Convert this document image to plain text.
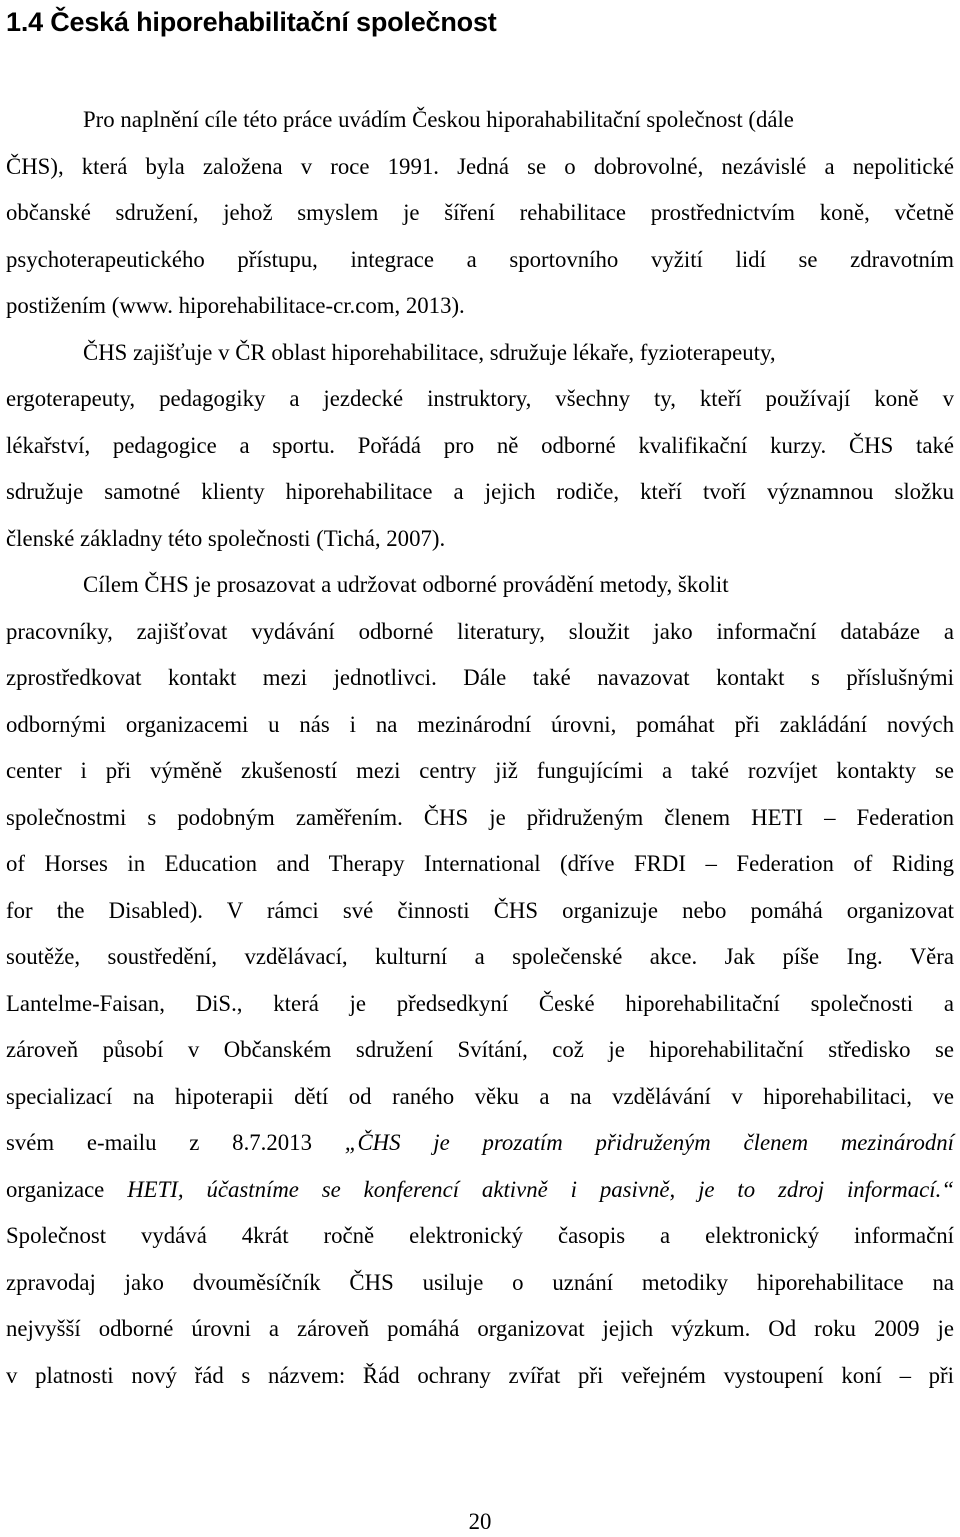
1.4 Česká hiporehabilitační společnost
Pro naplnění cíle této práce uvádím Českou hiporahabilitační společnost (dále
ČHS), která byla založena v roce 1991. Jedná se o dobrovolné, nezávislé a nepolitické
občanské sdružení, jehož smyslem je šíření rehabilitace prostřednictvím koně, včetně
psychoterapeutického přístupu, integrace a sportovního vyžití lidí se zdravotním
postižením (www. hiporehabilitace-cr.com, 2013).
ČHS zajišťuje v ČR oblast hiporehabilitace, sdružuje lékaře, fyzioterapeuty,
ergoterapeuty, pedagogiky a jezdecké instruktory, všechny ty, kteří používají koně v
lékařství, pedagogice a sportu. Pořádá pro ně odborné kvalifikační kurzy. ČHS také
sdružuje samotné klienty hiporehabilitace a jejich rodiče, kteří tvoří významnou složku
členské základny této společnosti (Tichá, 2007).
Cílem ČHS je prosazovat a udržovat odborné provádění metody, školit
pracovníky, zajišťovat vydávání odborné literatury, sloužit jako informační databáze a
zprostředkovat kontakt mezi jednotlivci. Dále také navazovat kontakt s příslušnými
odbornými organizacemi u nás i na mezinárodní úrovni, pomáhat při zakládání nových
center i při výměně zkušeností mezi centry již fungujícími a také rozvíjet kontakty se
společnostmi s podobným zaměřením. ČHS je přidruženým členem HETI – Federation
of Horses in Education and Therapy International (dříve FRDI – Federation of Riding
for the Disabled). V rámci své činnosti ČHS organizuje nebo pomáhá organizovat
soutěže, soustředění, vzdělávací, kulturní a společenské akce. Jak píše Ing. Věra
Lantelme-Faisan, DiS., která je předsedkyní České hiporehabilitační společnosti a
zároveň působí v Občanském sdružení Svítání, což je hiporehabilitační středisko se
specializací na hipoterapii dětí od raného věku a na vzdělávání v hiporehabilitaci, ve
svém e-mailu z 8.7.2013 „ČHS je prozatím přidruženým členem mezinárodní
organizace HETI, účastníme se konferencí aktivně i pasivně, je to zdroj informací.“
Společnost vydává 4krát ročně elektronický časopis a elektronický informační
zpravodaj jako dvouměsíčník ČHS usiluje o uznání metodiky hiporehabilitace na
nejvyšší odborné úrovni a zároveň pomáhá organizovat jejich výzkum. Od roku 2009 je
v platnosti nový řád s názvem: Řád ochrany zvířat při veřejném vystoupení koní – při
20
